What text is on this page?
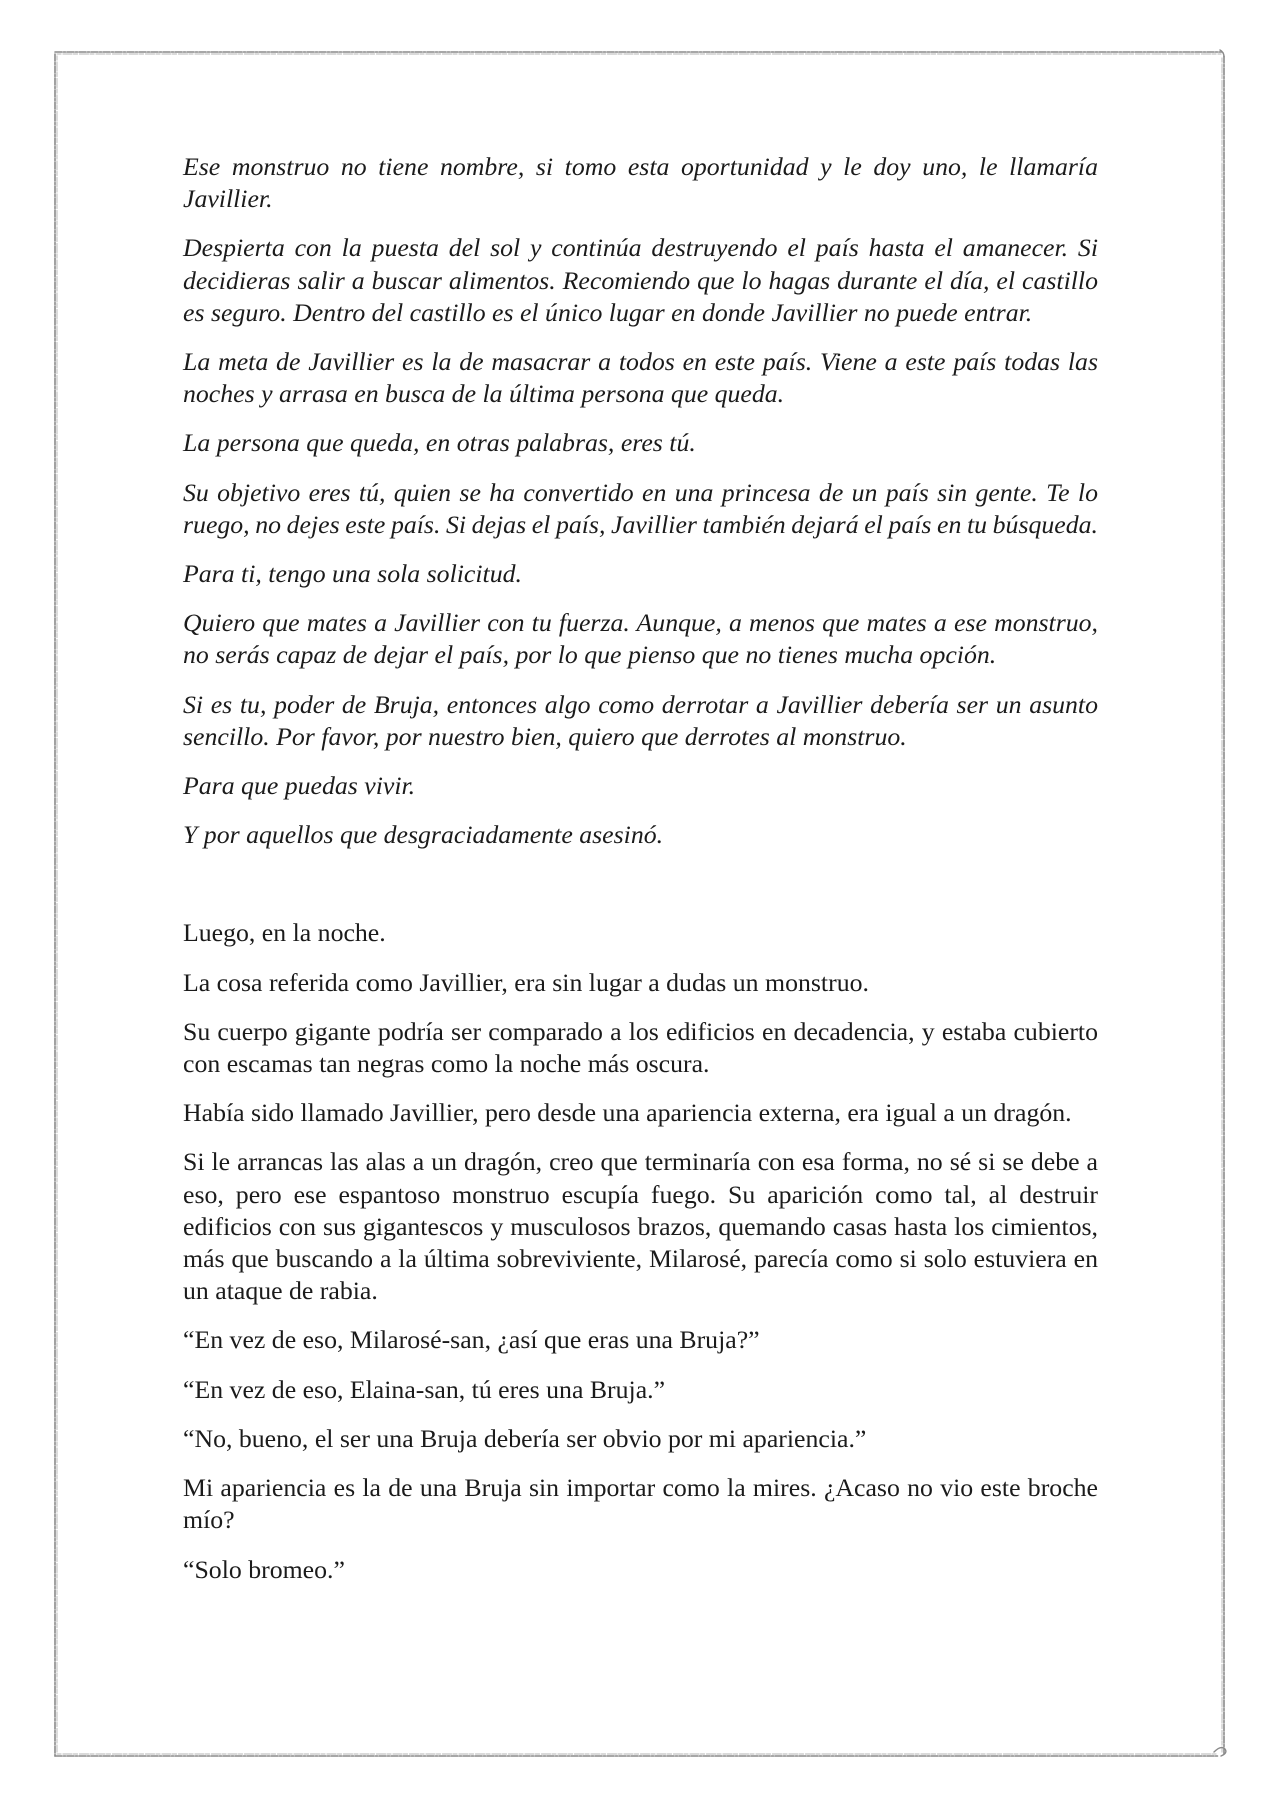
Ese monstruo no tiene nombre, si tomo esta oportunidad y le doy uno, le llamaría
Javillier.
Despierta con la puesta del sol y continúa destruyendo el país hasta el amanecer. Si
decidieras salir a buscar alimentos. Recomiendo que lo hagas durante el día, el castillo
es seguro. Dentro del castillo es el único lugar en donde Javillier no puede entrar.
La meta de Javillier es la de masacrar a todos en este país. Viene a este país todas las
noches y arrasa en busca de la última persona que queda.
La persona que queda, en otras palabras, eres tú.
Su objetivo eres tú, quien se ha convertido en una princesa de un país sin gente. Te lo
ruego, no dejes este país. Si dejas el país, Javillier también dejará el país en tu búsqueda.
Para ti, tengo una sola solicitud.
Quiero que mates a Javillier con tu fuerza. Aunque, a menos que mates a ese monstruo,
no serás capaz de dejar el país, por lo que pienso que no tienes mucha opción.
Si es tu, poder de Bruja, entonces algo como derrotar a Javillier debería ser un asunto
sencillo. Por favor, por nuestro bien, quiero que derrotes al monstruo.
Para que puedas vivir.
Y por aquellos que desgraciadamente asesinó.
Luego, en la noche.
La cosa referida como Javillier, era sin lugar a dudas un monstruo.
Su cuerpo gigante podría ser comparado a los edificios en decadencia, y estaba cubierto
con escamas tan negras como la noche más oscura.
Había sido llamado Javillier, pero desde una apariencia externa, era igual a un dragón.
Si le arrancas las alas a un dragón, creo que terminaría con esa forma, no sé si se debe a
eso, pero ese espantoso monstruo escupía fuego. Su aparición como tal, al destruir
edificios con sus gigantescos y musculosos brazos, quemando casas hasta los cimientos,
más que buscando a la última sobreviviente, Milarosé, parecía como si solo estuviera en
un ataque de rabia.
“En vez de eso, Milarosé-san, ¿así que eras una Bruja?”
“En vez de eso, Elaina-san, tú eres una Bruja.”
“No, bueno, el ser una Bruja debería ser obvio por mi apariencia.”
Mi apariencia es la de una Bruja sin importar como la mires. ¿Acaso no vio este broche
mío?
“Solo bromeo.”
